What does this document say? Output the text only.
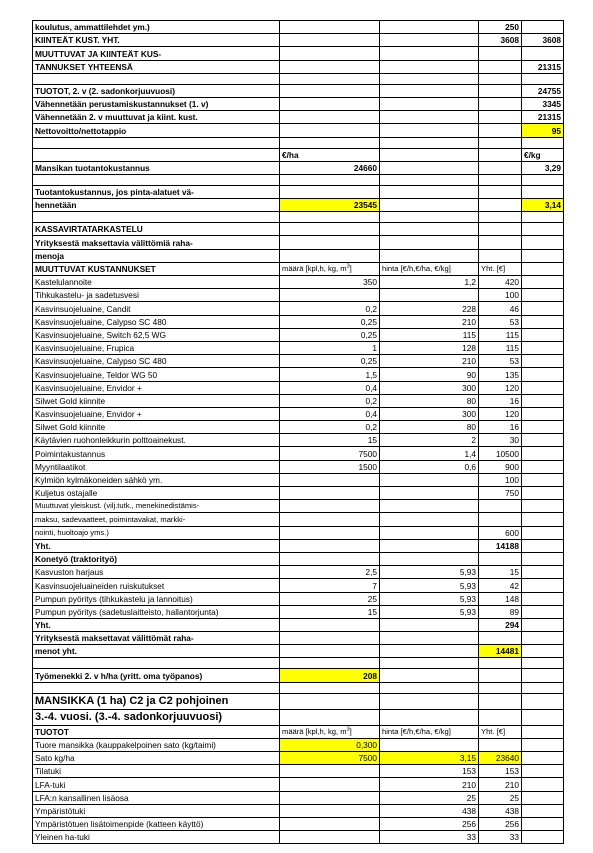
koulutus, ammattilehdet ym.)			250	
KIINTEÄT KUST. YHT.			3608	3608
MUUTTUVAT JA KIINTEÄT KUS-				
TANNUKSET YHTEENSÄ				21315

TUOTOT, 2. v (2. sadonkorjuuvuosi)				24755
Vähennetään perustamiskustannukset (1. v)				3345
Vähennetään 2. v muuttuvat ja kiint. kust.				21315
Nettovoitto/nettotappio				95

	€/ha			€/kg
Mansikan tuotantokustannus	24660			3,29

Tuotantokustannus, jos pinta-alatuet vä-				
hennetään	23545			3,14

KASSAVIRTATARKASTELU				
Yrityksestä maksettavia välittömiä raha-				
menoja				
MUUTTUVAT KUSTANNUKSET	määrä [kpl,h, kg, $m^3$]	hinta [€/h,€/ha, €/kg]	Yht. [€]	
Kastelulannoite	350	1,2	420	
Tihkukastelu- ja sadetusvesi			100	
Kasvinsuojeluaine, Candit	0,2	228	46	
Kasvinsuojeluaine, Calypso SC 480	0,25	210	53	
Kasvinsuojeluaine, Switch 62,5 WG	0,25	115	115	
Kasvinsuojeluaine, Frupica	1	128	115	
Kasvinsuojeluaine, Calypso SC 480	0,25	210	53	
Kasvinsuojeluaine, Teldor WG 50	1,5	90	135	
Kasvinsuojeluaine, Envidor +	0,4	300	120	
Silwet Gold kiinnite	0,2	80	16	
Kasvinsuojeluaine, Envidor +	0,4	300	120	
Silwet Gold kiinnite	0,2	80	16	
Käytävien ruohonleikkurin polttoainekust.	15	2	30	
Poimintakustannus	7500	1,4	10500	
Myyntilaatikot	1500	0,6	900	
Kylmiön kylmäkoneiden sähkö ym.			100	
Kuljetus ostajalle			750	
Muuttuvat yleiskust. (vilj.tutk., menekinedistämis-				
maksu, sadevaatteet, poimintavakat, markki-				
nointi, huoltoajo yms.)			600	
Yht.			14188	
Konetyö (traktorityö)				
Kasvuston harjaus	2,5	5,93	15	
Kasvinsuojeluaineiden ruiskutukset	7	5,93	42	
Pumpun pyöritys (tihkukastelu ja lannoitus)	25	5,93	148	
Pumpun pyöritys (sadetuslaitteisto, hallantorjunta)	15	5,93	89	
Yht.			294	
Yrityksestä maksettavat välittömät raha-				
menot yht.			14481	

Työmenekki 2. v h/ha (yritt. oma työpanos)	208			

MANSIKKA (1 ha) C2 ja C2 pohjoinen				
3.-4. vuosi. (3.-4. sadonkorjuuvuosi)				
TUOTOT	määrä [kpl,h, kg, $m^3$]	hinta [€/h,€/ha, €/kg]	Yht. [€]	
Tuore mansikka (kauppakelpoinen sato (kg/taimi)	0,300			
Sato kg/ha	7500	3,15	23640	
Tilatuki		153	153	
LFA-tuki		210	210	
LFA:n kansallinen lisäosa		25	25	
Ympäristötuki		438	438	
Ympäristötuen lisätoimenpide (katteen käyttö)		256	256	
Yleinen ha-tuki		33	33	
